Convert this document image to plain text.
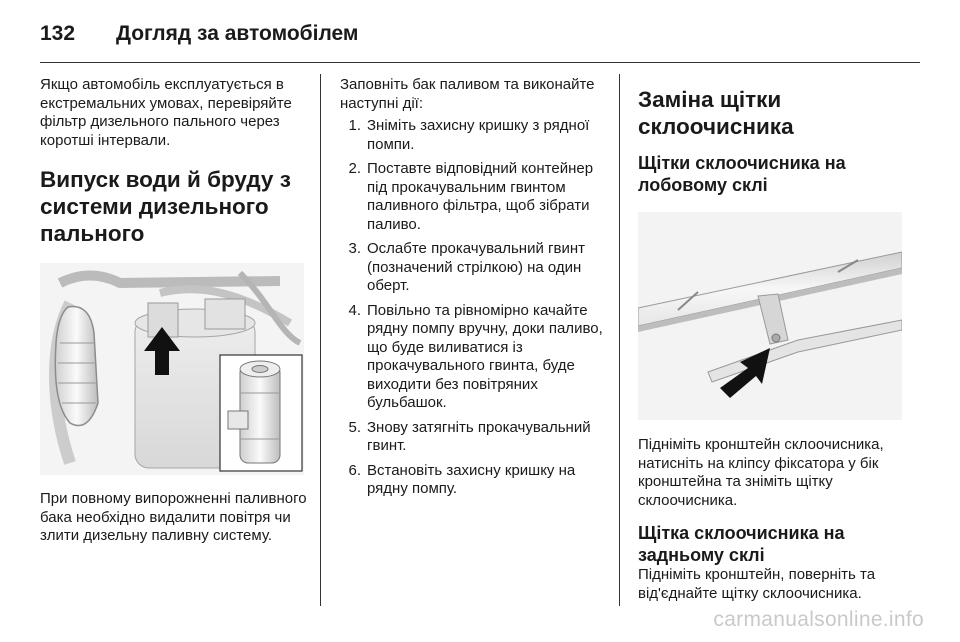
132	Догляд за автомобілем

Якщо автомобіль експлуатується в екстремальних умовах, перевіряйте фільтр дизельного пального через коротші інтервали.

Випуск води й бруду з системи дизельного пального

При повному випорожненні паливного бака необхідно видалити повітря чи злити дизельну паливну систему.

Заповніть бак паливом та виконайте наступні дії:

1. Зніміть захисну кришку з рядної помпи.
2. Поставте відповідний контейнер під прокачувальним гвинтом паливного фільтра, щоб зібрати паливо.
3. Ослабте прокачувальний гвинт (позначений стрілкою) на один оберт.
4. Повільно та рівномірно качайте рядну помпу вручну, доки паливо, що буде виливатися із прокачувального гвинта, буде виходити без повітряних бульбашок.
5. Знову затягніть прокачувальний гвинт.
6. Встановіть захисну кришку на рядну помпу.
Заміна щітки склоочисника
Щітки склоочисника на лобовому склі

Підніміть кронштейн склоочисника, натисніть на кліпсу фіксатора у бік кронштейна та зніміть щітку склоочисника.

Щітка склоочисника на задньому склі

Підніміть кронштейн, поверніть та від'єднайте щітку склоочисника.

carmanualsonline.info
